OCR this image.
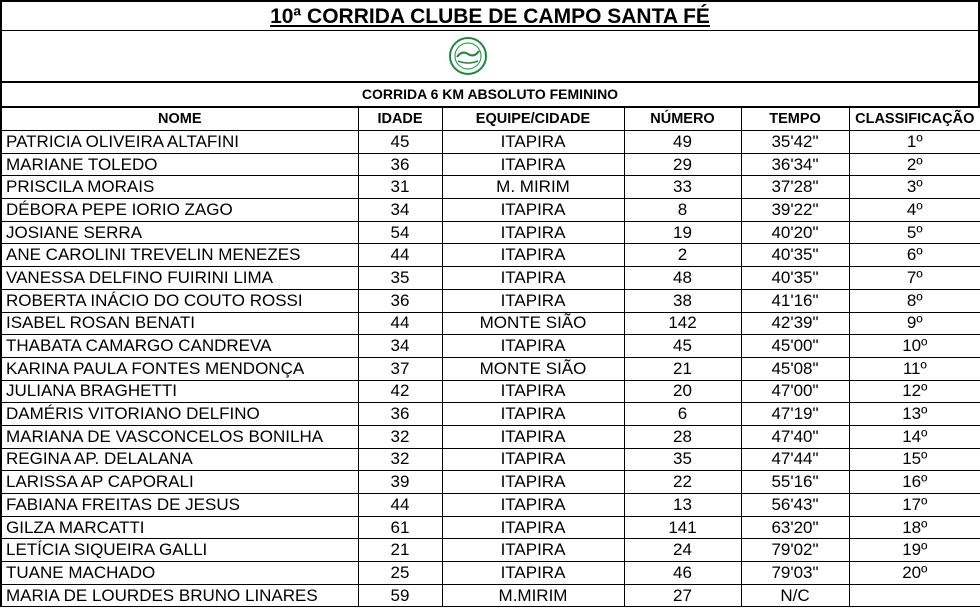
10ª CORRIDA CLUBE DE CAMPO SANTA FÉ
CORRIDA 6 KM ABSOLUTO FEMININO
NOME	IDADE	EQUIPE/CIDADE	NÚMERO	TEMPO	CLASSIFICAÇÃO
PATRICIA OLIVEIRA ALTAFINI	45	ITAPIRA	49	35'42"	1º
MARIANE TOLEDO	36	ITAPIRA	29	36'34"	2º
PRISCILA MORAIS	31	M. MIRIM	33	37'28"	3º
DÉBORA PEPE IORIO ZAGO	34	ITAPIRA	8	39'22"	4º
JOSIANE SERRA	54	ITAPIRA	19	40'20"	5º
ANE CAROLINI TREVELIN MENEZES	44	ITAPIRA	2	40'35"	6º
VANESSA DELFINO FUIRINI LIMA	35	ITAPIRA	48	40'35"	7º
ROBERTA INÁCIO DO COUTO ROSSI	36	ITAPIRA	38	41'16"	8º
ISABEL ROSAN BENATI	44	MONTE SIÃO	142	42'39"	9º
THABATA CAMARGO CANDREVA	34	ITAPIRA	45	45'00"	10º
KARINA PAULA FONTES MENDONÇA	37	MONTE SIÃO	21	45'08"	11º
JULIANA BRAGHETTI	42	ITAPIRA	20	47'00"	12º
DAMÉRIS VITORIANO DELFINO	36	ITAPIRA	6	47'19"	13º
MARIANA DE VASCONCELOS BONILHA	32	ITAPIRA	28	47'40"	14º
REGINA AP. DELALANA	32	ITAPIRA	35	47'44"	15º
LARISSA AP CAPORALI	39	ITAPIRA	22	55'16"	16º
FABIANA FREITAS DE JESUS	44	ITAPIRA	13	56'43"	17º
GILZA MARCATTI	61	ITAPIRA	141	63'20"	18º
LETÍCIA SIQUEIRA GALLI	21	ITAPIRA	24	79'02"	19º
TUANE MACHADO	25	ITAPIRA	46	79'03"	20º
MARIA DE LOURDES BRUNO LINARES	59	M.MIRIM	27	N/C	
